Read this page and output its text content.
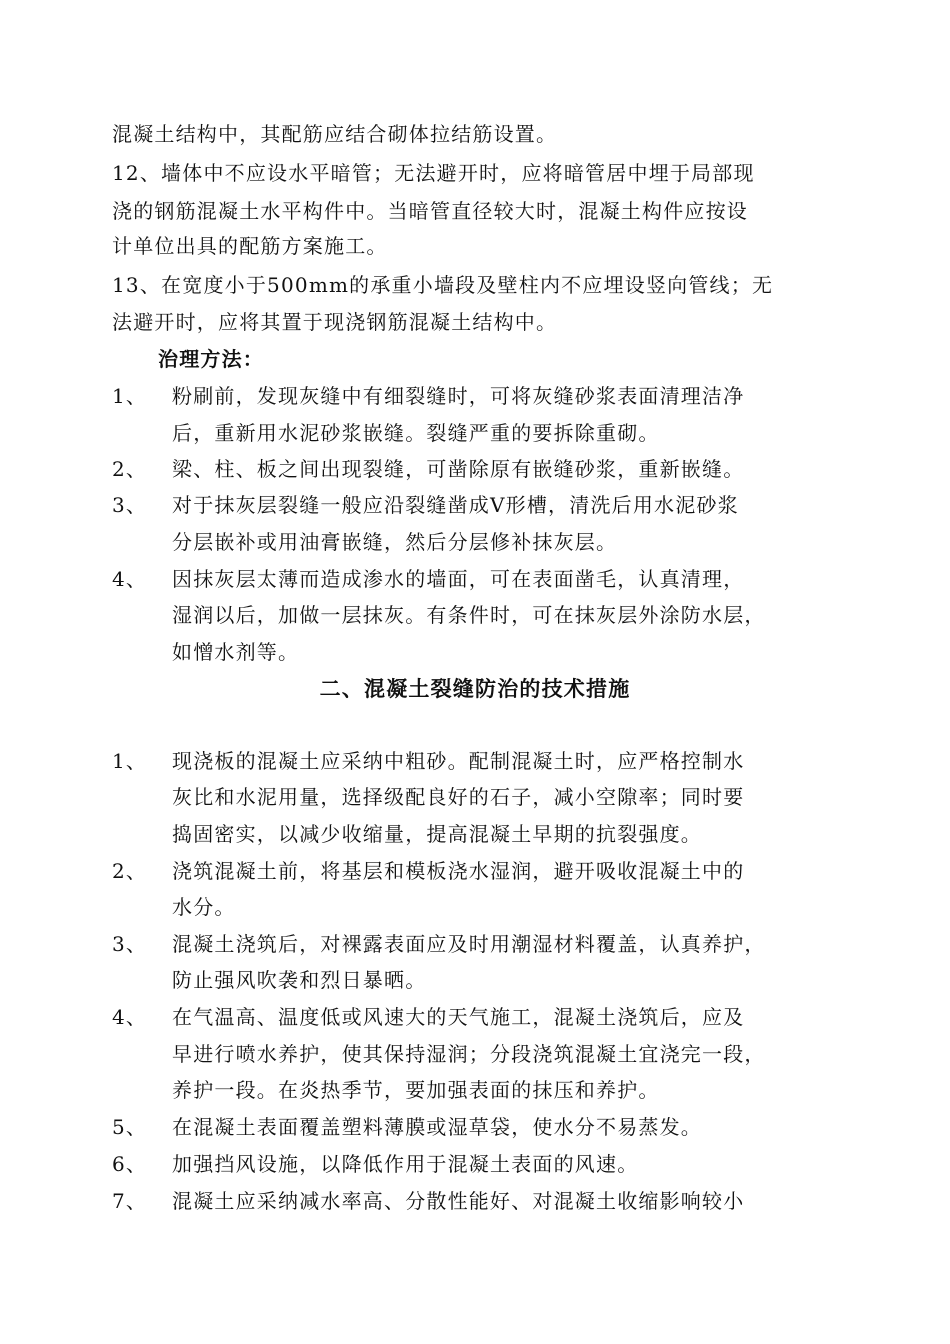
混凝土结构中，其配筋应结合砌体拉结筋设置。
12、墙体中不应设水平暗管；无法避开时，应将暗管居中埋于局部现
浇的钢筋混凝土水平构件中。当暗管直径较大时，混凝土构件应按设
计单位出具的配筋方案施工。
13、在宽度小于500mm的承重小墙段及壁柱内不应埋设竖向管线；无
法避开时，应将其置于现浇钢筋混凝土结构中。
治理方法：
1、 粉刷前，发现灰缝中有细裂缝时，可将灰缝砂浆表面清理洁净
后，重新用水泥砂浆嵌缝。裂缝严重的要拆除重砌。
2、 梁、柱、板之间出现裂缝，可凿除原有嵌缝砂浆，重新嵌缝。
3、 对于抹灰层裂缝一般应沿裂缝凿成V形槽，清洗后用水泥砂浆
分层嵌补或用油膏嵌缝，然后分层修补抹灰层。
4、 因抹灰层太薄而造成渗水的墙面，可在表面凿毛，认真清理，
湿润以后，加做一层抹灰。有条件时，可在抹灰层外涂防水层，
如憎水剂等。
二、混凝土裂缝防治的技术措施
1、 现浇板的混凝土应采纳中粗砂。配制混凝土时，应严格控制水
灰比和水泥用量，选择级配良好的石子，减小空隙率；同时要
捣固密实，以减少收缩量，提高混凝土早期的抗裂强度。
2、 浇筑混凝土前，将基层和模板浇水湿润，避开吸收混凝土中的
水分。
3、 混凝土浇筑后，对裸露表面应及时用潮湿材料覆盖，认真养护，
防止强风吹袭和烈日暴晒。
4、 在气温高、温度低或风速大的天气施工，混凝土浇筑后，应及
早进行喷水养护，使其保持湿润；分段浇筑混凝土宜浇完一段，
养护一段。在炎热季节，要加强表面的抹压和养护。
5、 在混凝土表面覆盖塑料薄膜或湿草袋，使水分不易蒸发。
6、 加强挡风设施，以降低作用于混凝土表面的风速。
7、 混凝土应采纳减水率高、分散性能好、对混凝土收缩影响较小
